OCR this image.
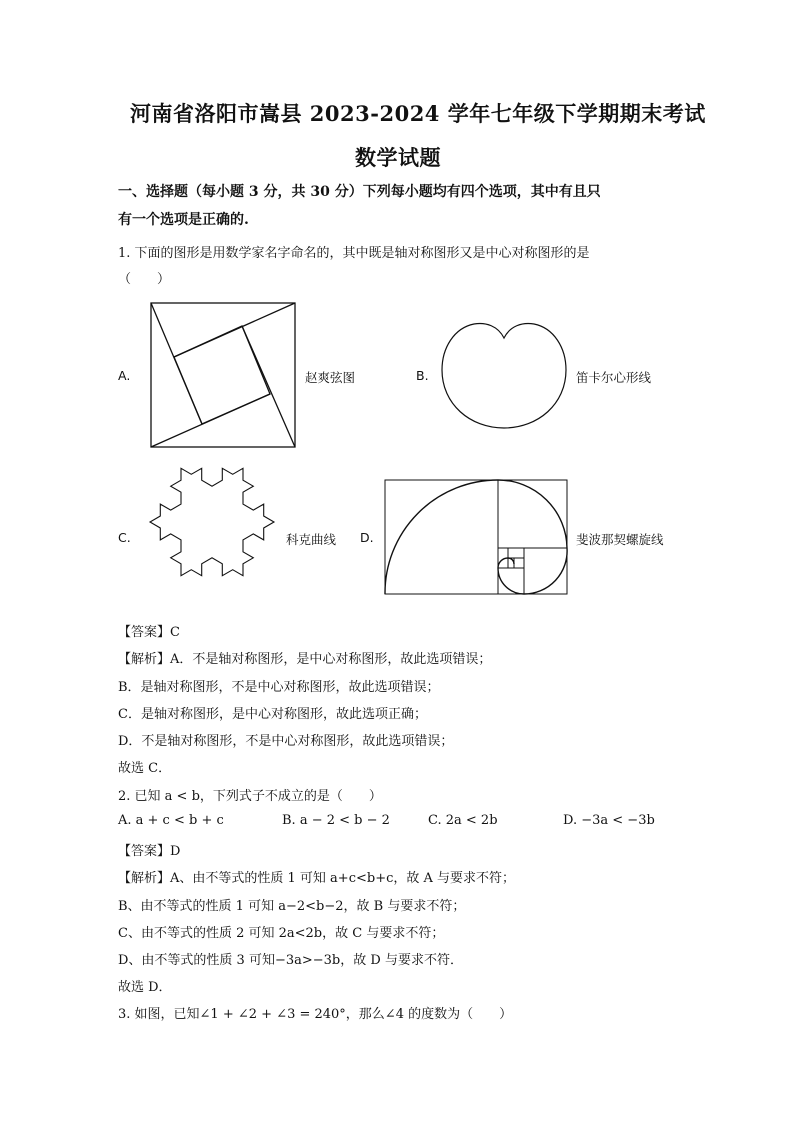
河南省洛阳市嵩县 2023-2024 学年七年级下学期期末考试
数学试题
一、选择题（每小题 3 分，共 30 分）下列每小题均有四个选项，其中有且只
有一个选项是正确的.
1. 下面的图形是用数学家名字命名的，其中既是轴对称图形又是中心对称图形的是
（　　）
A.	赵爽弦图	B.	笛卡尔心形线
C.	科克曲线 D.	斐波那契螺旋线
【答案】C
【解析】A．不是轴对称图形，是中心对称图形，故此选项错误；
B．是轴对称图形，不是中心对称图形，故此选项错误；
C．是轴对称图形，是中心对称图形，故此选项正确；
D．不是轴对称图形，不是中心对称图形，故此选项错误；
故选 C．
2. 已知 a < b，下列式子不成立的是（　　）
A. a + c < b + c	B. a − 2 < b − 2	C. 2a < 2b	D. −3a < −3b
【答案】D
【解析】A、由不等式的性质 1 可知 a+c<b+c，故 A 与要求不符；
B、由不等式的性质 1 可知 a−2<b−2，故 B 与要求不符；
C、由不等式的性质 2 可知 2a<2b，故 C 与要求不符；
D、由不等式的性质 3 可知−3a>−3b，故 D 与要求不符．
故选 D．
3. 如图，已知∠1 + ∠2 + ∠3 = 240°，那么∠4 的度数为（　　）
